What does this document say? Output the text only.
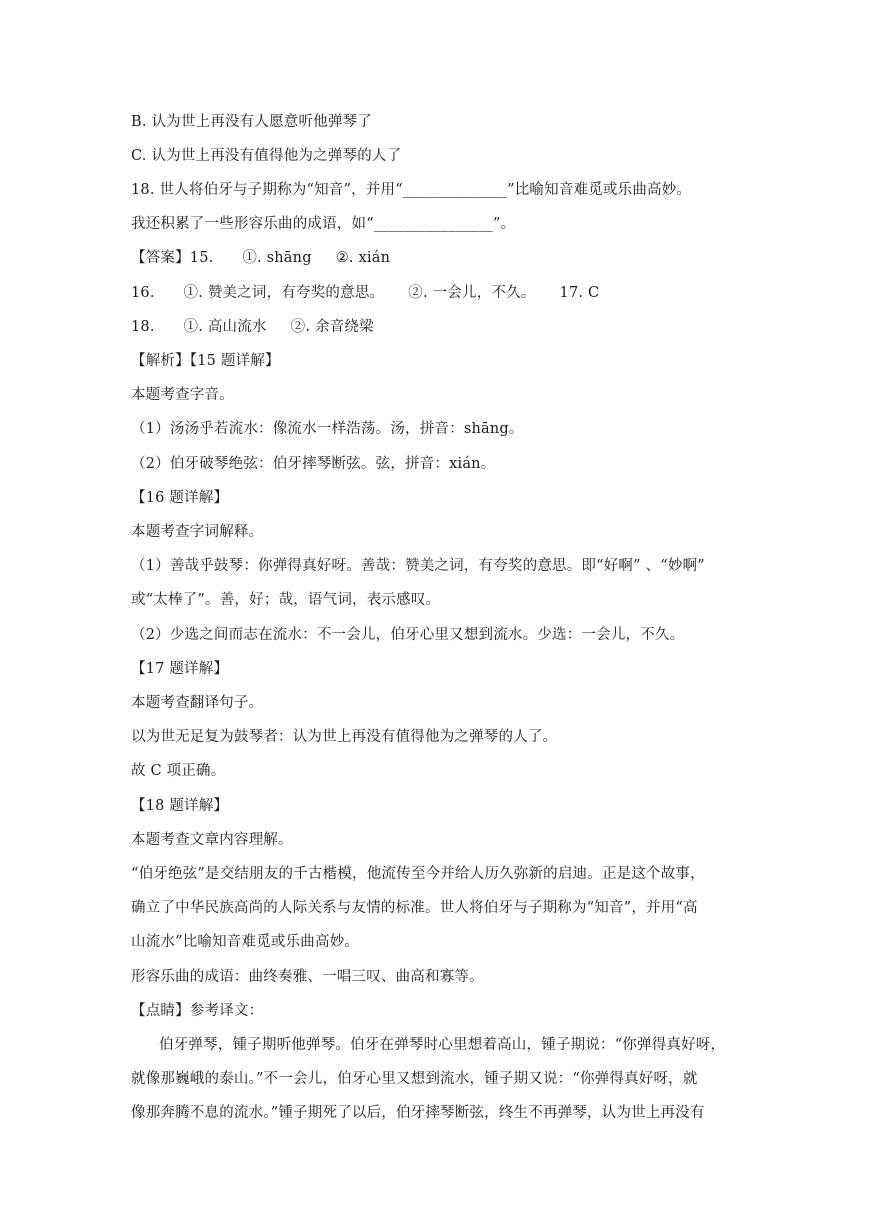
B. 认为世上再没有人愿意听他弹琴了
C. 认为世上再没有值得他为之弹琴的人了
18. 世人将伯牙与子期称为“知音”，并用“______________”比喻知音难觅或乐曲高妙。
我还积累了一些形容乐曲的成语，如“________________”。
【答案】15.      ①. shāng     ②. xián
16.      ①. 赞美之词，有夸奖的意思。     ②. 一会儿，不久。     17. C
18.      ①. 高山流水     ②. 余音绕梁
【解析】【15 题详解】
本题考查字音。
（1）汤汤乎若流水：像流水一样浩荡。汤，拼音：shāng。
（2）伯牙破琴绝弦：伯牙摔琴断弦。弦，拼音：xián。
【16 题详解】
本题考查字词解释。
（1）善哉乎鼓琴：你弹得真好呀。善哉：赞美之词，有夸奖的意思。即“好啊” 、“妙啊”
或“太棒了”。善，好；哉，语气词，表示感叹。
（2）少选之间而志在流水：不一会儿，伯牙心里又想到流水。少选：一会儿，不久。
【17 题详解】
本题考查翻译句子。
以为世无足复为鼓琴者：认为世上再没有值得他为之弹琴的人了。
故 C 项正确。
【18 题详解】
本题考查文章内容理解。
“伯牙绝弦”是交结朋友的千古楷模，他流传至今并给人历久弥新的启迪。正是这个故事，
确立了中华民族高尚的人际关系与友情的标准。世人将伯牙与子期称为“知音”，并用“高
山流水”比喻知音难觅或乐曲高妙。
形容乐曲的成语：曲终奏雅、一唱三叹、曲高和寡等。
【点睛】参考译文：
伯牙弹琴，锺子期听他弹琴。伯牙在弹琴时心里想着高山，锺子期说：“你弹得真好呀，
就像那巍峨的泰山。”不一会儿，伯牙心里又想到流水，锺子期又说：“你弹得真好呀，就
像那奔腾不息的流水。”锺子期死了以后，伯牙摔琴断弦，终生不再弹琴，认为世上再没有
